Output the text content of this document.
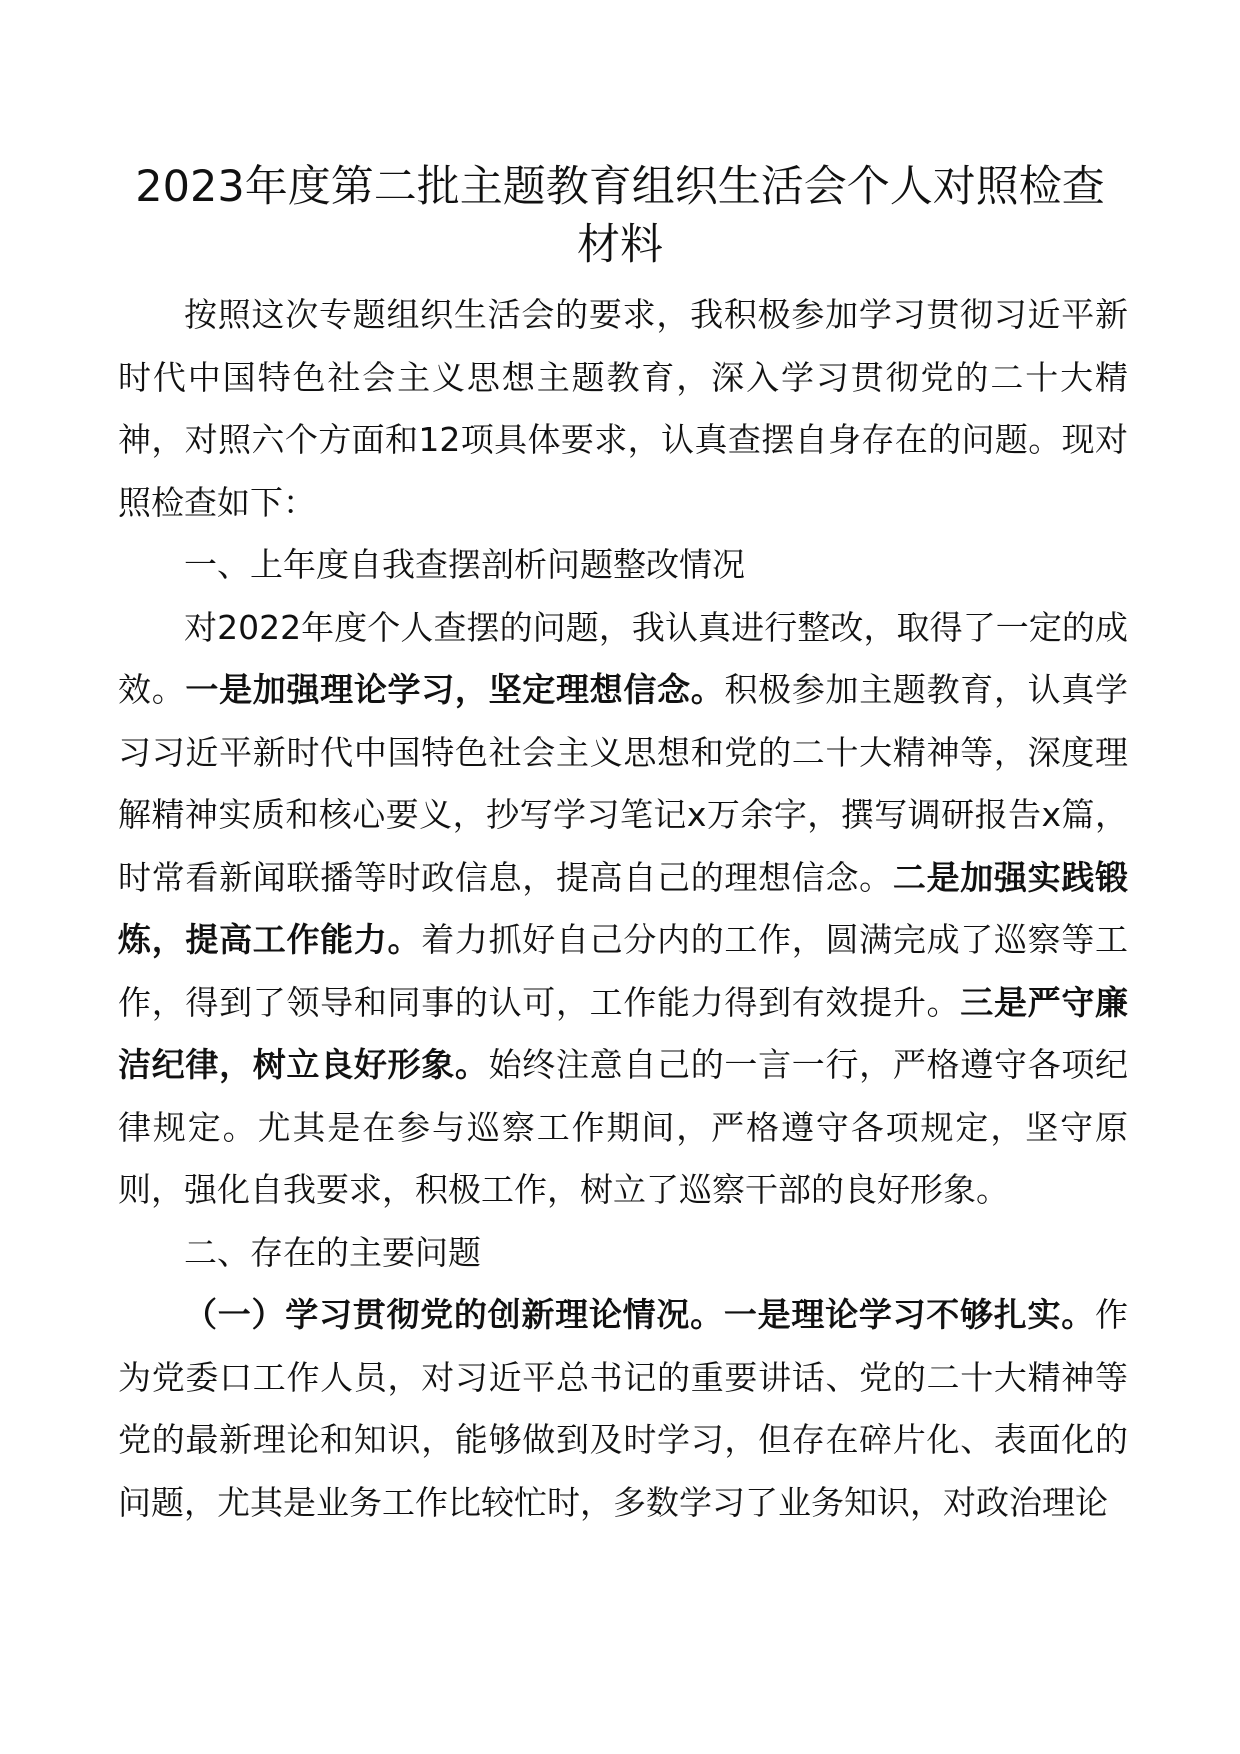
2023年度第二批主题教育组织生活会个人对照检查材料

按照这次专题组织生活会的要求，我积极参加学习贯彻习近平新时代中国特色社会主义思想主题教育，深入学习贯彻党的二十大精神，对照六个方面和12项具体要求，认真查摆自身存在的问题。现对照检查如下：

一、上年度自我查摆剖析问题整改情况

对2022年度个人查摆的问题，我认真进行整改，取得了一定的成效。一是加强理论学习，坚定理想信念。积极参加主题教育，认真学习习近平新时代中国特色社会主义思想和党的二十大精神等，深度理解精神实质和核心要义，抄写学习笔记x万余字，撰写调研报告x篇，时常看新闻联播等时政信息，提高自己的理想信念。二是加强实践锻炼，提高工作能力。着力抓好自己分内的工作，圆满完成了巡察等工作，得到了领导和同事的认可，工作能力得到有效提升。三是严守廉洁纪律，树立良好形象。始终注意自己的一言一行，严格遵守各项纪律规定。尤其是在参与巡察工作期间，严格遵守各项规定，坚守原则，强化自我要求，积极工作，树立了巡察干部的良好形象。

二、存在的主要问题

（一）学习贯彻党的创新理论情况。一是理论学习不够扎实。作为党委口工作人员，对习近平总书记的重要讲话、党的二十大精神等党的最新理论和知识，能够做到及时学习，但存在碎片化、表面化的问题，尤其是业务工作比较忙时，多数学习了业务知识，对政治理论
